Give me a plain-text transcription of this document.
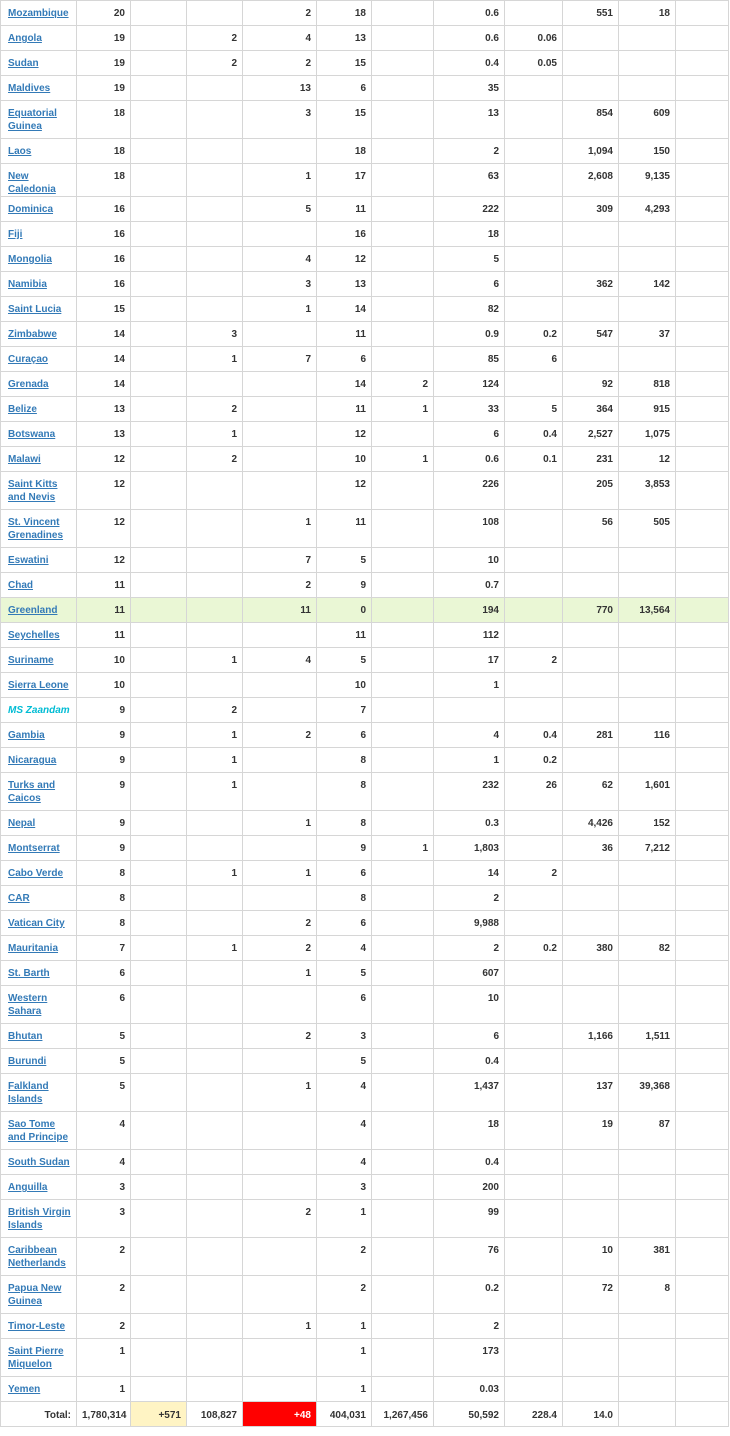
Mozambique	20			2	18		0.6		551	18	
Angola	19		2	4	13		0.6	0.06			
Sudan	19		2	2	15		0.4	0.05			
Maldives	19			13	6		35				
Equatorial Guinea	18			3	15		13		854	609	
Laos	18				18		2		1,094	150	
New Caledonia	18			1	17		63		2,608	9,135	
Dominica	16			5	11		222		309	4,293	
Fiji	16				16		18				
Mongolia	16			4	12		5				
Namibia	16			3	13		6		362	142	
Saint Lucia	15			1	14		82				
Zimbabwe	14		3		11		0.9	0.2	547	37	
Curaçao	14		1	7	6		85	6			
Grenada	14				14	2	124		92	818	
Belize	13		2		11	1	33	5	364	915	
Botswana	13		1		12		6	0.4	2,527	1,075	
Malawi	12		2		10	1	0.6	0.1	231	12	
Saint Kitts and Nevis	12				12		226		205	3,853	
St. Vincent Grenadines	12			1	11		108		56	505	
Eswatini	12			7	5		10				
Chad	11			2	9		0.7				
Greenland	11			11	0		194		770	13,564	
Seychelles	11				11		112				
Suriname	10		1	4	5		17	2			
Sierra Leone	10				10		1				
MS Zaandam	9		2		7						
Gambia	9		1	2	6		4	0.4	281	116	
Nicaragua	9		1		8		1	0.2			
Turks and Caicos	9		1		8		232	26	62	1,601	
Nepal	9			1	8		0.3		4,426	152	
Montserrat	9				9	1	1,803		36	7,212	
Cabo Verde	8		1	1	6		14	2			
CAR	8				8		2				
Vatican City	8			2	6		9,988				
Mauritania	7		1	2	4		2	0.2	380	82	
St. Barth	6			1	5		607				
Western Sahara	6				6		10				
Bhutan	5			2	3		6		1,166	1,511	
Burundi	5				5		0.4				
Falkland Islands	5			1	4		1,437		137	39,368	
Sao Tome and Principe	4				4		18		19	87	
South Sudan	4				4		0.4				
Anguilla	3				3		200				
British Virgin Islands	3			2	1		99				
Caribbean Netherlands	2				2		76		10	381	
Papua New Guinea	2				2		0.2		72	8	
Timor-Leste	2			1	1		2				
Saint Pierre Miquelon	1				1		173				
Yemen	1				1		0.03				
Total:	1,780,314	+571	108,827	+48	404,031	1,267,456	50,592	228.4	14.0		
